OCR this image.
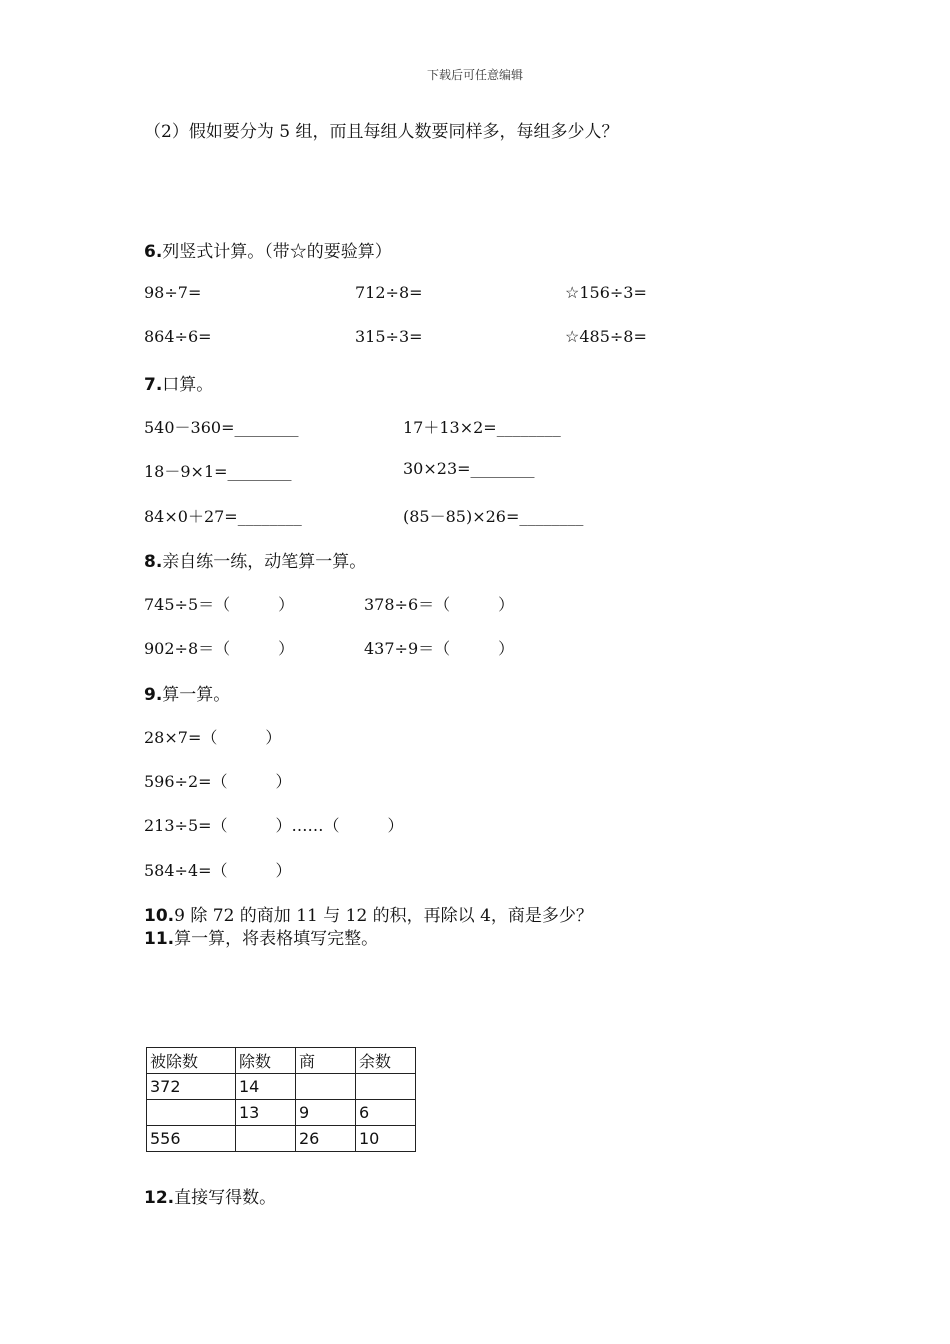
下载后可任意编辑
（2）假如要分为 5 组，而且每组人数要同样多，每组多少人？
6.列竖式计算。（带☆的要验算）
98÷7=	712÷8=	☆156÷3=
864÷6=	315÷3=	☆485÷8=
7.口算。
540－360=________	17＋13×2=________
18－9×1=________	30×23=________
84×0＋27=________	(85－85)×26=________
8.亲自练一练，动笔算一算。
745÷5＝（　　　）	378÷6＝（　　　）
902÷8＝（　　　）	437÷9＝（　　　）
9.算一算。
28×7=（　　　）
596÷2=（　　　）
213÷5=（　　　）……（　　　）
584÷4=（　　　）
10.9 除 72 的商加 11 与 12 的积，再除以 4，商是多少？
11.算一算，将表格填写完整。
被除数	除数	商	余数
372	14		
	13	9	6
556		26	10
12.直接写得数。
